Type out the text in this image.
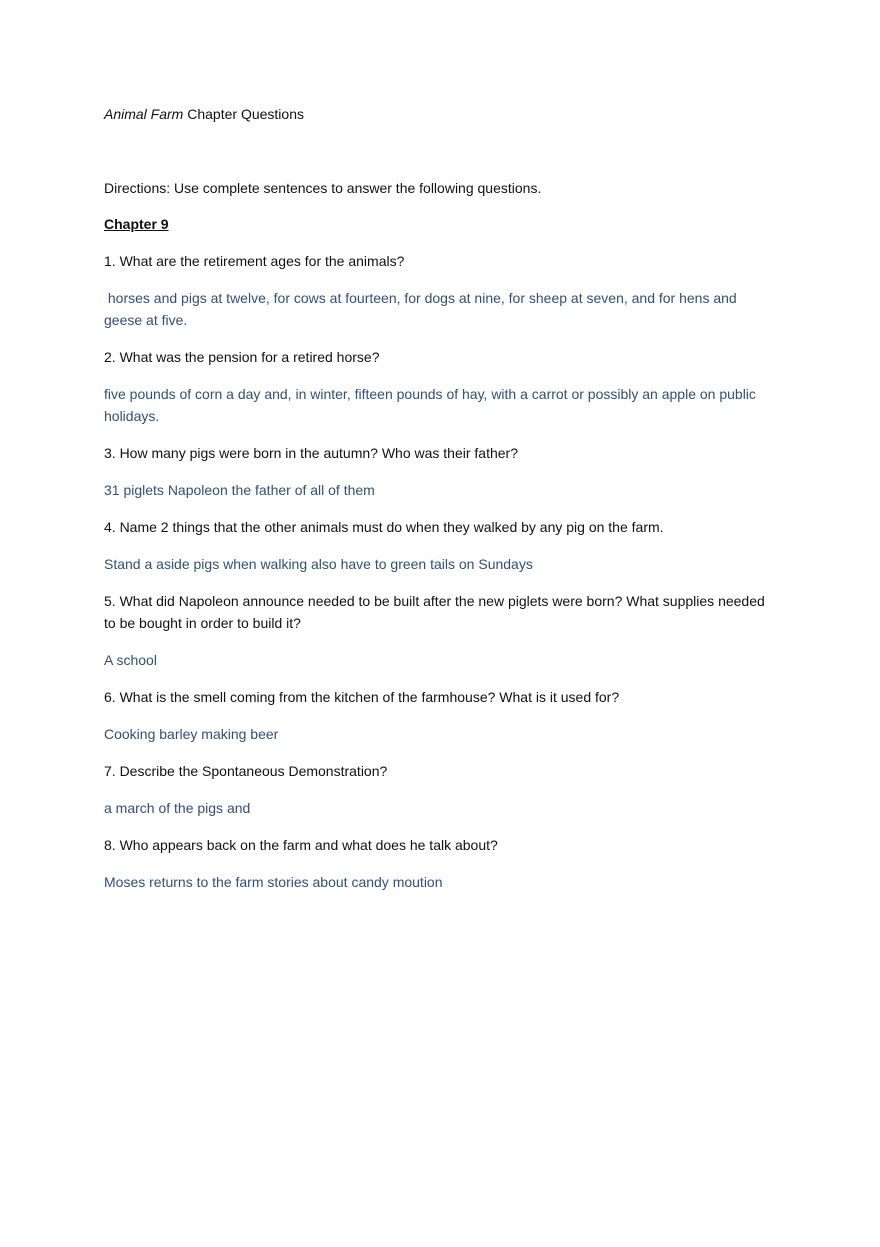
Animal Farm Chapter Questions

Directions: Use complete sentences to answer the following questions.

Chapter 9

1. What are the retirement ages for the animals?

horses and pigs at twelve, for cows at fourteen, for dogs at nine, for sheep at seven, and for hens and geese at five.

2. What was the pension for a retired horse?

five pounds of corn a day and, in winter, fifteen pounds of hay, with a carrot or possibly an apple on public holidays.

3. How many pigs were born in the autumn? Who was their father?

31 piglets Napoleon the father of all of them

4. Name 2 things that the other animals must do when they walked by any pig on the farm.

Stand a aside pigs when walking also have to green tails on Sundays

5. What did Napoleon announce needed to be built after the new piglets were born? What supplies needed to be bought in order to build it?

A school

6. What is the smell coming from the kitchen of the farmhouse? What is it used for?

Cooking barley making beer

7. Describe the Spontaneous Demonstration?

a march of the pigs and

8. Who appears back on the farm and what does he talk about?

Moses returns to the farm stories about candy moution
